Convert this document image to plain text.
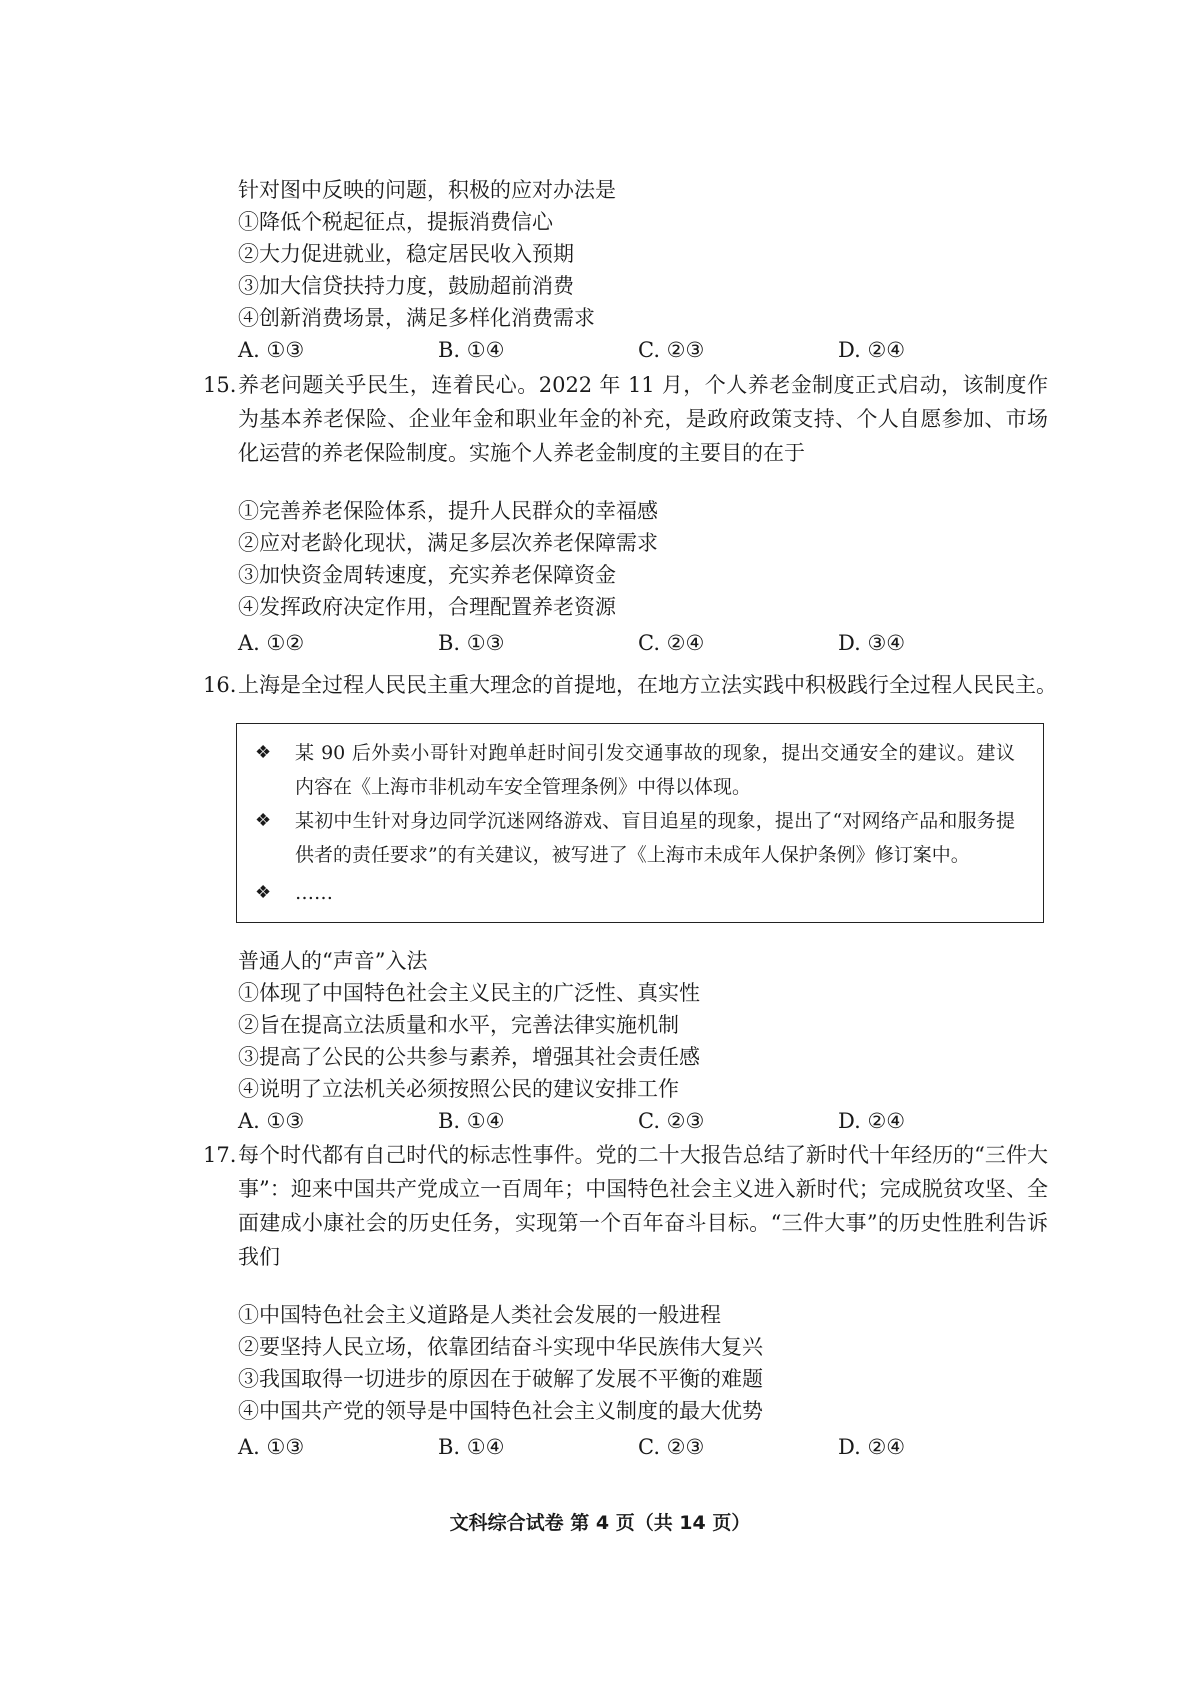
针对图中反映的问题，积极的应对办法是
①降低个税起征点，提振消费信心
②大力促进就业，稳定居民收入预期
③加大信贷扶持力度，鼓励超前消费
④创新消费场景，满足多样化消费需求
A. ①③	B. ①④	C. ②③	D. ②④
15. 养老问题关乎民生，连着民心。2022 年 11 月，个人养老金制度正式启动，该制度作为基本养老保险、企业年金和职业年金的补充，是政府政策支持、个人自愿参加、市场化运营的养老保险制度。实施个人养老金制度的主要目的在于
①完善养老保险体系，提升人民群众的幸福感
②应对老龄化现状，满足多层次养老保障需求
③加快资金周转速度，充实养老保障资金
④发挥政府决定作用，合理配置养老资源
A. ①②	B. ①③	C. ②④	D. ③④
16. 上海是全过程人民民主重大理念的首提地，在地方立法实践中积极践行全过程人民民主。
❖ 某 90 后外卖小哥针对跑单赶时间引发交通事故的现象，提出交通安全的建议。建议内容在《上海市非机动车安全管理条例》中得以体现。
❖ 某初中生针对身边同学沉迷网络游戏、盲目追星的现象，提出了“对网络产品和服务提供者的责任要求”的有关建议，被写进了《上海市未成年人保护条例》修订案中。
❖ ……
普通人的“声音”入法
①体现了中国特色社会主义民主的广泛性、真实性
②旨在提高立法质量和水平，完善法律实施机制
③提高了公民的公共参与素养，增强其社会责任感
④说明了立法机关必须按照公民的建议安排工作
A. ①③	B. ①④	C. ②③	D. ②④
17. 每个时代都有自己时代的标志性事件。党的二十大报告总结了新时代十年经历的“三件大事”：迎来中国共产党成立一百周年；中国特色社会主义进入新时代；完成脱贫攻坚、全面建成小康社会的历史任务，实现第一个百年奋斗目标。“三件大事”的历史性胜利告诉我们
①中国特色社会主义道路是人类社会发展的一般进程
②要坚持人民立场，依靠团结奋斗实现中华民族伟大复兴
③我国取得一切进步的原因在于破解了发展不平衡的难题
④中国共产党的领导是中国特色社会主义制度的最大优势
A. ①③	B. ①④	C. ②③	D. ②④
文科综合试卷 第 4 页（共 14 页）
